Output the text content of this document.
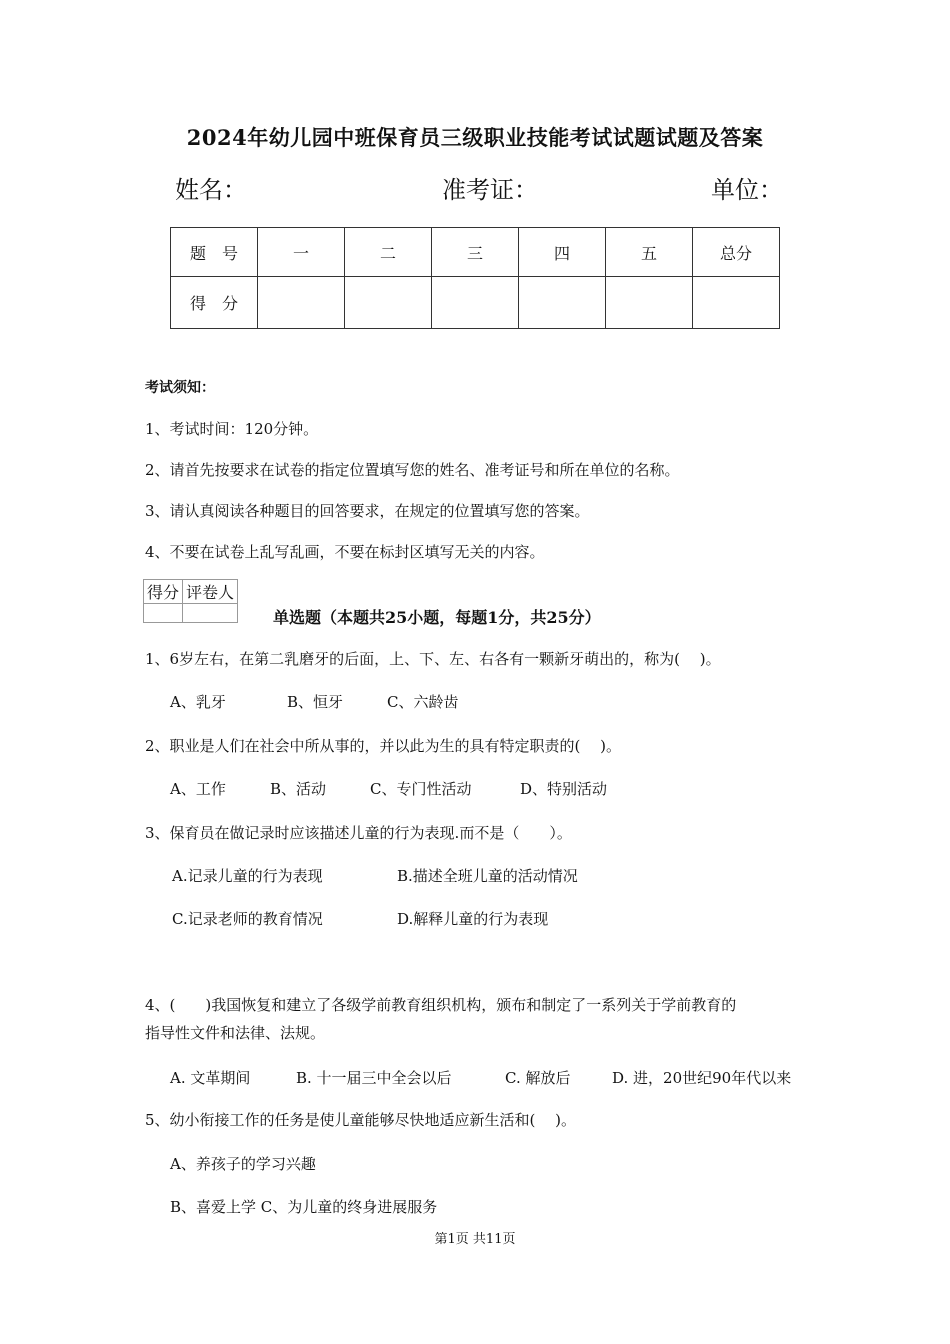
2024年幼儿园中班保育员三级职业技能考试试题试题及答案
姓名：	准考证：	单位：
题　号	一	二	三	四	五	总分
得　分						
考试须知：
1、考试时间：120分钟。
2、请首先按要求在试卷的指定位置填写您的姓名、准考证号和所在单位的名称。
3、请认真阅读各种题目的回答要求，在规定的位置填写您的答案。
4、不要在试卷上乱写乱画，不要在标封区填写无关的内容。
得分	评卷人

单选题（本题共25小题，每题1分，共25分）
1、6岁左右，在第二乳磨牙的后面，上、下、左、右各有一颗新牙萌出的，称为(　 )。
A、乳牙	B、恒牙	C、六龄齿
2、职业是人们在社会中所从事的，并以此为生的具有特定职责的(　 )。
A、工作	B、活动	C、专门性活动	D、特别活动
3、保育员在做记录时应该描述儿童的行为表现.而不是（　　）。
A.记录儿童的行为表现	B.描述全班儿童的活动情况
C.记录老师的教育情况	D.解释儿童的行为表现
4、(　　)我国恢复和建立了各级学前教育组织机构，颁布和制定了一系列关于学前教育的
指导性文件和法律、法规。
A. 文革期间	B. 十一届三中全会以后	C. 解放后	D. 进，20世纪90年代以来
5、幼小衔接工作的任务是使儿童能够尽快地适应新生活和(　 )。
A、养孩子的学习兴趣
B、喜爱上学 C、为儿童的终身进展服务
第1页 共11页
